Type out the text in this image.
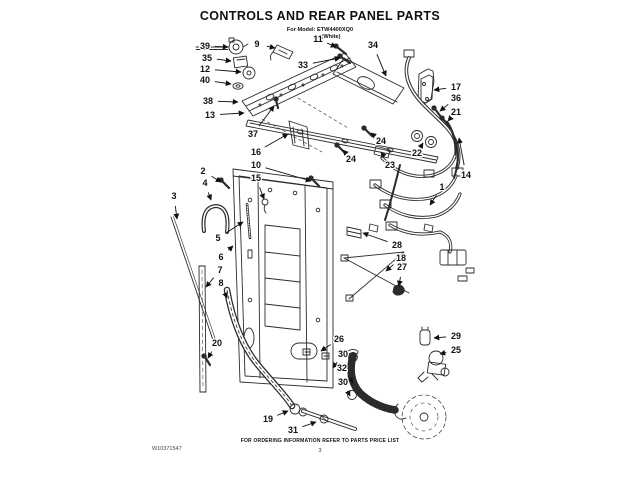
CONTROLS AND REAR PANEL PARTS
For Model: ETW4400XQ0
(White)
39
35
12
40
38
13
9	11
33
34
17
36
21
22
24
24
23
14
1
37
16
10
15
2
4
3
5
6
7
8
20	26
30
32
30
19
31
29
25
28
18
27
FOR ORDERING INFORMATION REFER TO PARTS PRICE LIST
W10371547	3
